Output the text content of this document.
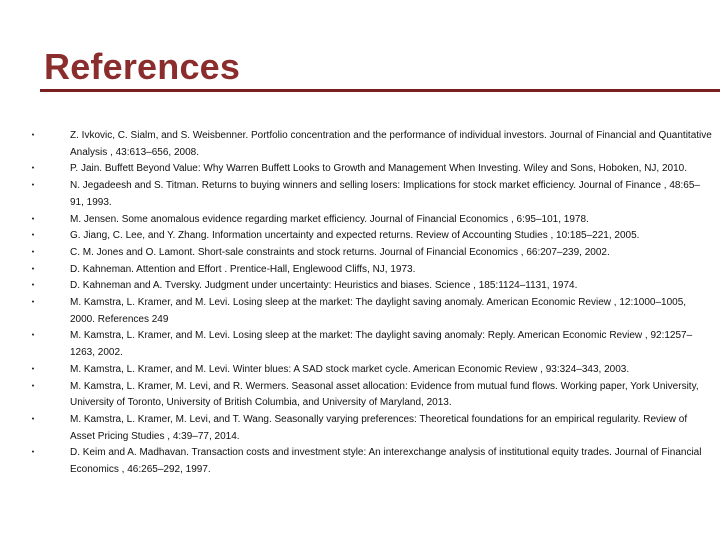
References
•	Z. Ivkovic, C. Sialm, and S. Weisbenner. Portfolio concentration and the performance of individual investors. Journal of Financial and Quantitative Analysis , 43:613–656, 2008.
•	P. Jain. Buffett Beyond Value: Why Warren Buffett Looks to Growth and Management When Investing. Wiley and Sons, Hoboken, NJ, 2010.
•	N. Jegadeesh and S. Titman. Returns to buying winners and selling losers: Implications for stock market efficiency. Journal of Finance , 48:65–91, 1993.
•	M. Jensen. Some anomalous evidence regarding market efficiency. Journal of Financial Economics , 6:95–101, 1978.
•	G. Jiang, C. Lee, and Y. Zhang. Information uncertainty and expected returns. Review of Accounting Studies , 10:185–221, 2005.
•	C. M. Jones and O. Lamont. Short-sale constraints and stock returns. Journal of Financial Economics , 66:207–239, 2002.
•	D. Kahneman. Attention and Effort . Prentice-Hall, Englewood Cliffs, NJ, 1973.
•	D. Kahneman and A. Tversky. Judgment under uncertainty: Heuristics and biases. Science , 185:1124–1131, 1974.
•	M. Kamstra, L. Kramer, and M. Levi. Losing sleep at the market: The daylight saving anomaly. American Economic Review , 12:1000–1005, 2000. References 249
•	M. Kamstra, L. Kramer, and M. Levi. Losing sleep at the market: The daylight saving anomaly: Reply. American Economic Review , 92:1257–1263, 2002.
•	M. Kamstra, L. Kramer, and M. Levi. Winter blues: A SAD stock market cycle. American Economic Review , 93:324–343, 2003.
•	M. Kamstra, L. Kramer, M. Levi, and R. Wermers. Seasonal asset allocation: Evidence from mutual fund flows. Working paper, York University, University of Toronto, University of British Columbia, and University of Maryland, 2013.
•	M. Kamstra, L. Kramer, M. Levi, and T. Wang. Seasonally varying preferences: Theoretical foundations for an empirical regularity. Review of Asset Pricing Studies , 4:39–77, 2014.
•	D. Keim and A. Madhavan. Transaction costs and investment style: An interexchange analysis of institutional equity trades. Journal of Financial Economics , 46:265–292, 1997.
